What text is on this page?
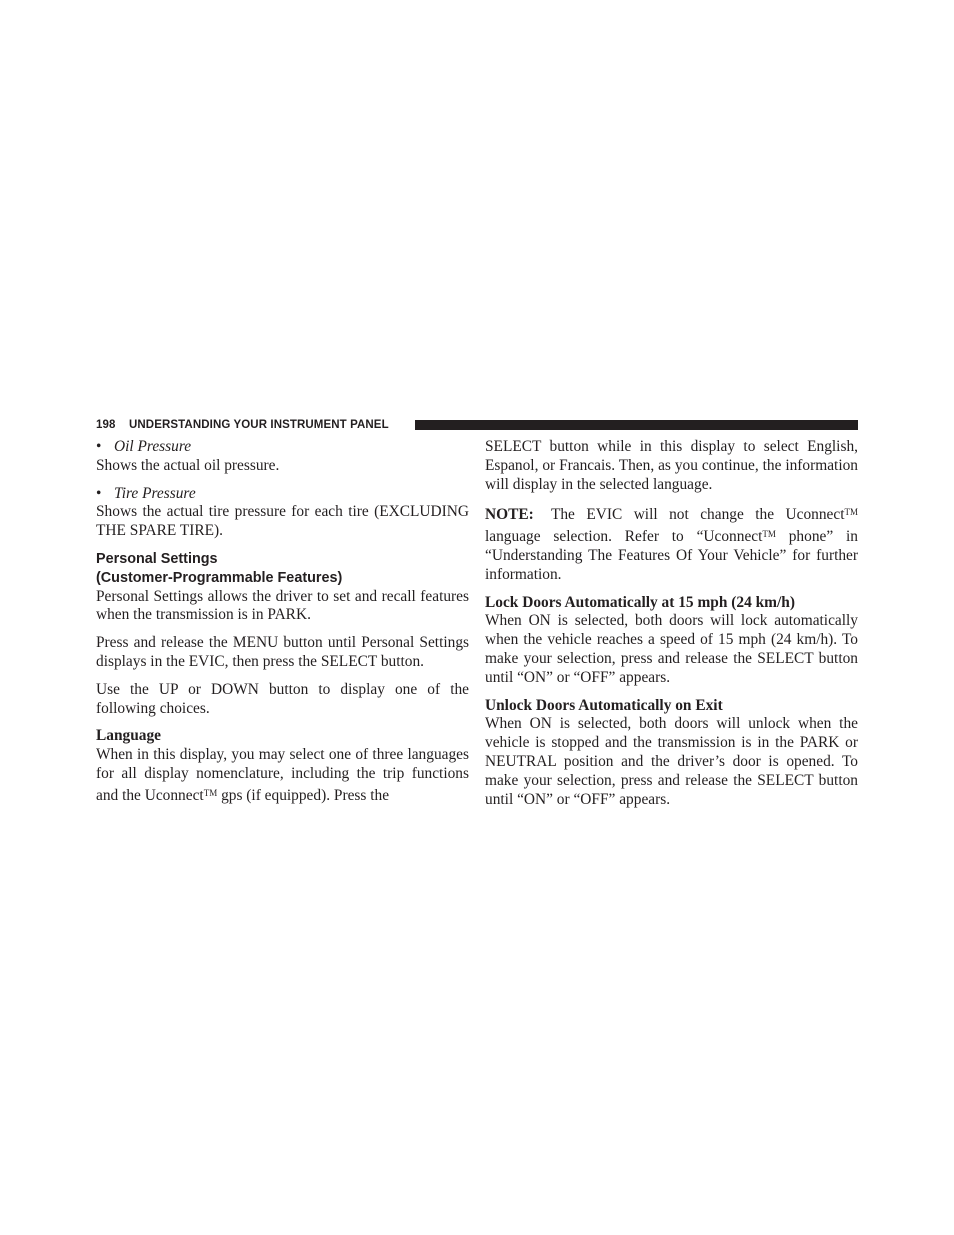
198 UNDERSTANDING YOUR INSTRUMENT PANEL
• Oil Pressure

Shows the actual oil pressure.

• Tire Pressure

Shows the actual tire pressure for each tire (EXCLUDING THE SPARE TIRE).

Personal Settings
(Customer-Programmable Features)

Personal Settings allows the driver to set and recall features when the transmission is in PARK.

Press and release the MENU button until Personal Settings displays in the EVIC, then press the SELECT button.

Use the UP or DOWN button to display one of the following choices.

Language

When in this display, you may select one of three languages for all display nomenclature, including the trip functions and the Uconnect™ gps (if equipped). Press the

SELECT button while in this display to select English, Espanol, or Francais. Then, as you continue, the information will display in the selected language.

NOTE: The EVIC will not change the Uconnect™ language selection. Refer to “Uconnect™ phone” in “Understanding The Features Of Your Vehicle” for further information.

Lock Doors Automatically at 15 mph (24 km/h)

When ON is selected, both doors will lock automatically when the vehicle reaches a speed of 15 mph (24 km/h). To make your selection, press and release the SELECT button until “ON” or “OFF” appears.

Unlock Doors Automatically on Exit

When ON is selected, both doors will unlock when the vehicle is stopped and the transmission is in the PARK or NEUTRAL position and the driver’s door is opened. To make your selection, press and release the SELECT button until “ON” or “OFF” appears.
